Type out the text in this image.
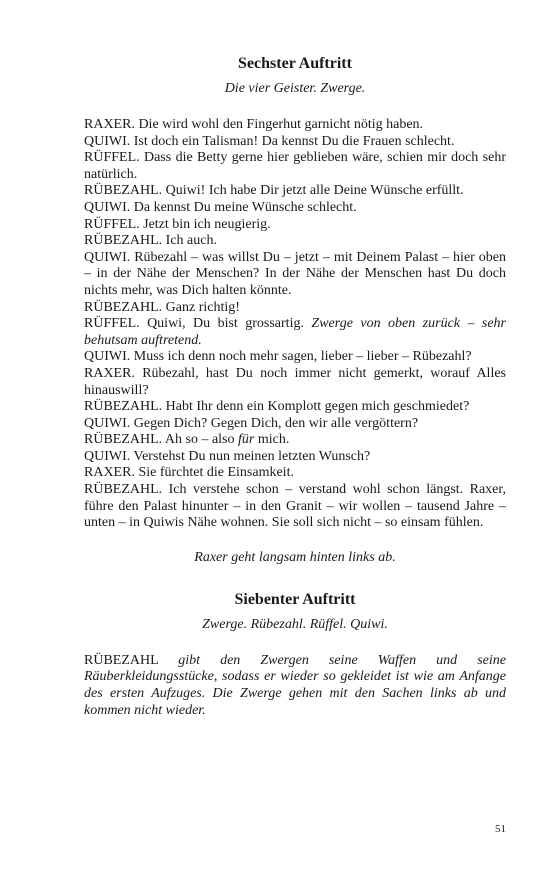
Sechster Auftritt

Die vier Geister. Zwerge.

RAXER. Die wird wohl den Fingerhut garnicht nötig haben.

QUIWI. Ist doch ein Talisman! Da kennst Du die Frauen schlecht.

RÜFFEL. Dass die Betty gerne hier geblieben wäre, schien mir doch sehr natürlich.

RÜBEZAHL. Quiwi! Ich habe Dir jetzt alle Deine Wünsche erfüllt.

QUIWI. Da kennst Du meine Wünsche schlecht.

RÜFFEL. Jetzt bin ich neugierig.

RÜBEZAHL. Ich auch.

QUIWI. Rübezahl – was willst Du – jetzt – mit Deinem Palast – hier oben – in der Nähe der Menschen? In der Nähe der Menschen hast Du doch nichts mehr, was Dich halten könnte.

RÜBEZAHL. Ganz richtig!

RÜFFEL. Quiwi, Du bist grossartig. Zwerge von oben zurück – sehr behutsam auftretend.

QUIWI. Muss ich denn noch mehr sagen, lieber – lieber – Rübezahl?

RAXER. Rübezahl, hast Du noch immer nicht gemerkt, worauf Alles hinauswill?

RÜBEZAHL. Habt Ihr denn ein Komplott gegen mich geschmiedet?

QUIWI. Gegen Dich? Gegen Dich, den wir alle vergöttern?

RÜBEZAHL. Ah so – also für mich.

QUIWI. Verstehst Du nun meinen letzten Wunsch?

RAXER. Sie fürchtet die Einsamkeit.

RÜBEZAHL. Ich verstehe schon – verstand wohl schon längst. Raxer, führe den Palast hinunter – in den Granit – wir wollen – tausend Jahre – unten – in Quiwis Nähe wohnen. Sie soll sich nicht – so einsam fühlen.

Raxer geht langsam hinten links ab.

Siebenter Auftritt

Zwerge. Rübezahl. Rüffel. Quiwi.

RÜBEZAHL gibt den Zwergen seine Waffen und seine Räuberkleidungsstücke, sodass er wieder so gekleidet ist wie am Anfange des ersten Aufzuges. Die Zwerge gehen mit den Sachen links ab und kommen nicht wieder.

51
